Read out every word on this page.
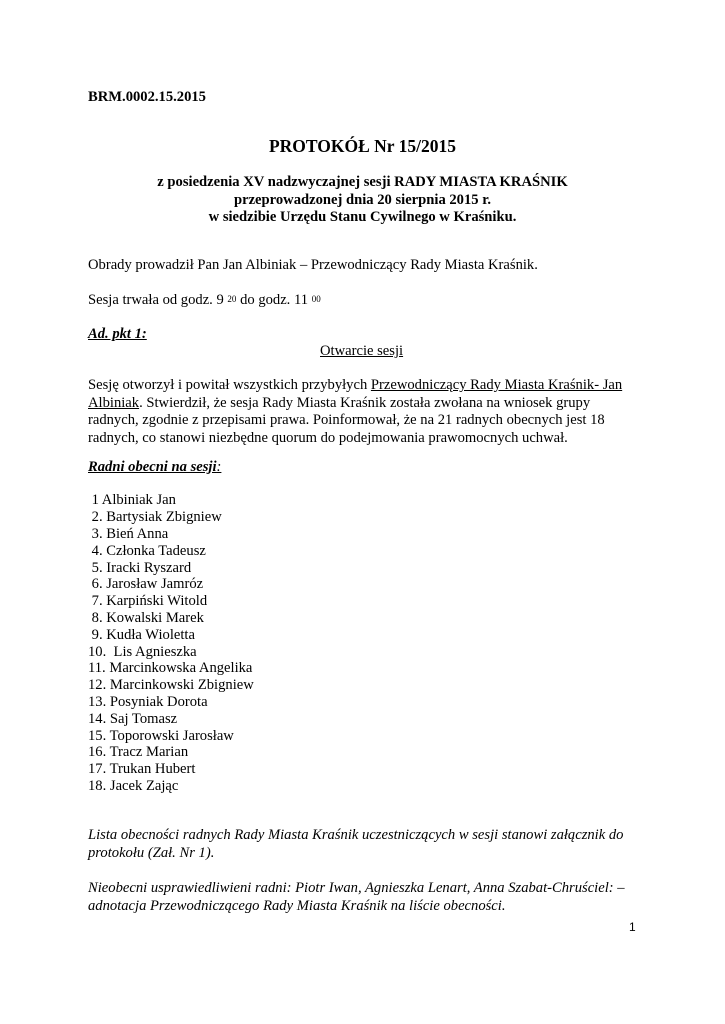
BRM.0002.15.2015
PROTOKÓŁ Nr 15/2015
z posiedzenia XV nadzwyczajnej sesji RADY MIASTA KRAŚNIK
przeprowadzonej dnia 20 sierpnia 2015 r.
w siedzibie Urzędu Stanu Cywilnego w Kraśniku.
Obrady prowadził Pan Jan Albiniak – Przewodniczący Rady Miasta Kraśnik.
Sesja trwała od godz. 9 $^{20}$ do godz. 11 $^{00}$
Ad. pkt 1:
Otwarcie sesji
Sesję otworzył i powitał wszystkich przybyłych Przewodniczący Rady Miasta Kraśnik- Jan
Albiniak. Stwierdził, że sesja Rady Miasta Kraśnik została zwołana na wniosek grupy
radnych, zgodnie z przepisami prawa. Poinformował, że na 21 radnych obecnych jest 18
radnych, co stanowi niezbędne quorum do podejmowania prawomocnych uchwał.
Radni obecni na sesji:
1 Albiniak Jan
2. Bartysiak Zbigniew
3. Bień Anna
4. Członka Tadeusz
5. Iracki Ryszard
6. Jarosław Jamróz
7. Karpiński Witold
8. Kowalski Marek
9. Kudła Wioletta
10.  Lis Agnieszka
11. Marcinkowska Angelika
12. Marcinkowski Zbigniew
13. Posyniak Dorota
14. Saj Tomasz
15. Toporowski Jarosław
16. Tracz Marian
17. Trukan Hubert
18. Jacek Zając
Lista obecności radnych Rady Miasta Kraśnik uczestniczących w sesji stanowi załącznik do
protokołu (Zał. Nr 1).
Nieobecni usprawiedliwieni radni: Piotr Iwan, Agnieszka Lenart, Anna Szabat-Chruściel: –
adnotacja Przewodniczącego Rady Miasta Kraśnik na liście obecności.
1
